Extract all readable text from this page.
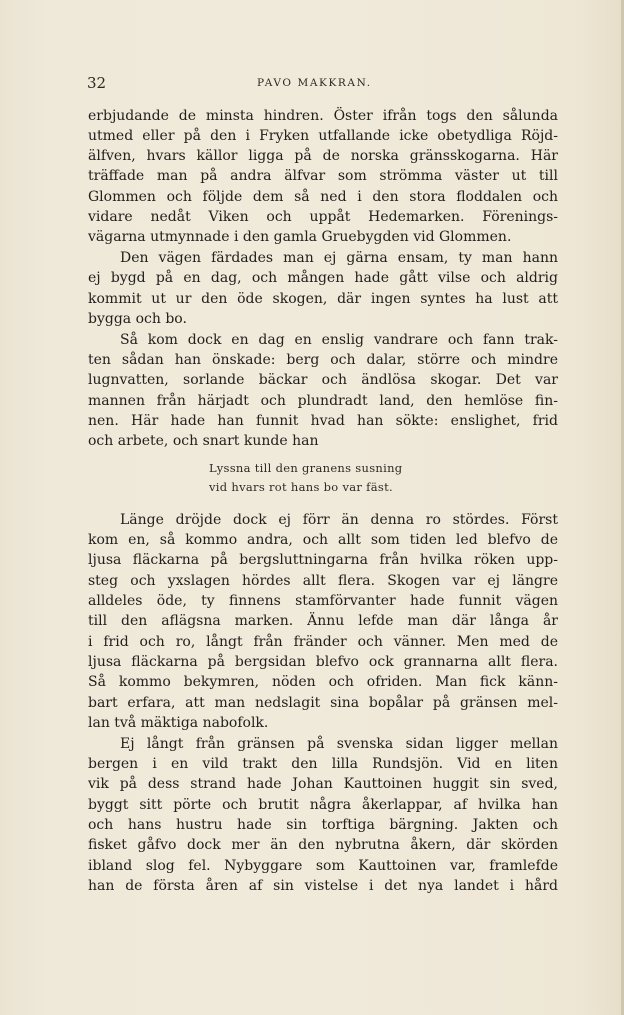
32	PAVO MAKKRAN.

erbjudande de minsta hindren. Öster ifrån togs den sålunda

utmed eller på den i Fryken utfallande icke obetydliga Röjd-

älfven, hvars källor ligga på de norska gränsskogarna. Här

träffade man på andra älfvar som strömma väster ut till

Glommen och följde dem så ned i den stora floddalen och

vidare nedåt Viken och uppåt Hedemarken. Förenings-

vägarna utmynnade i den gamla Gruebygden vid Glommen.

Den vägen färdades man ej gärna ensam, ty man hann

ej bygd på en dag, och mången hade gått vilse och aldrig

kommit ut ur den öde skogen, där ingen syntes ha lust att

bygga och bo.

Så kom dock en dag en enslig vandrare och fann trak-

ten sådan han önskade: berg och dalar, större och mindre

lugnvatten, sorlande bäckar och ändlösa skogar. Det var

mannen från härjadt och plundradt land, den hemlöse fin-

nen. Här hade han funnit hvad han sökte: enslighet, frid

och arbete, och snart kunde han

Lyssna till den granens susning
vid hvars rot hans bo var fäst.

Länge dröjde dock ej förr än denna ro stördes. Först

kom en, så kommo andra, och allt som tiden led blefvo de

ljusa fläckarna på bergsluttningarna från hvilka röken upp-

steg och yxslagen hördes allt flera. Skogen var ej längre

alldeles öde, ty finnens stamförvanter hade funnit vägen

till den aflägsna marken. Ännu lefde man där långa år

i frid och ro, långt från fränder och vänner. Men med de

ljusa fläckarna på bergsidan blefvo ock grannarna allt flera.

Så kommo bekymren, nöden och ofriden. Man fick känn-

bart erfara, att man nedslagit sina bopålar på gränsen mel-

lan två mäktiga nabofolk.

Ej långt från gränsen på svenska sidan ligger mellan

bergen i en vild trakt den lilla Rundsjön. Vid en liten

vik på dess strand hade Johan Kauttoinen huggit sin sved,

byggt sitt pörte och brutit några åkerlappar, af hvilka han

och hans hustru hade sin torftiga bärgning. Jakten och

fisket gåfvo dock mer än den nybrutna åkern, där skörden

ibland slog fel. Nybyggare som Kauttoinen var, framlefde

han de första åren af sin vistelse i det nya landet i hård
